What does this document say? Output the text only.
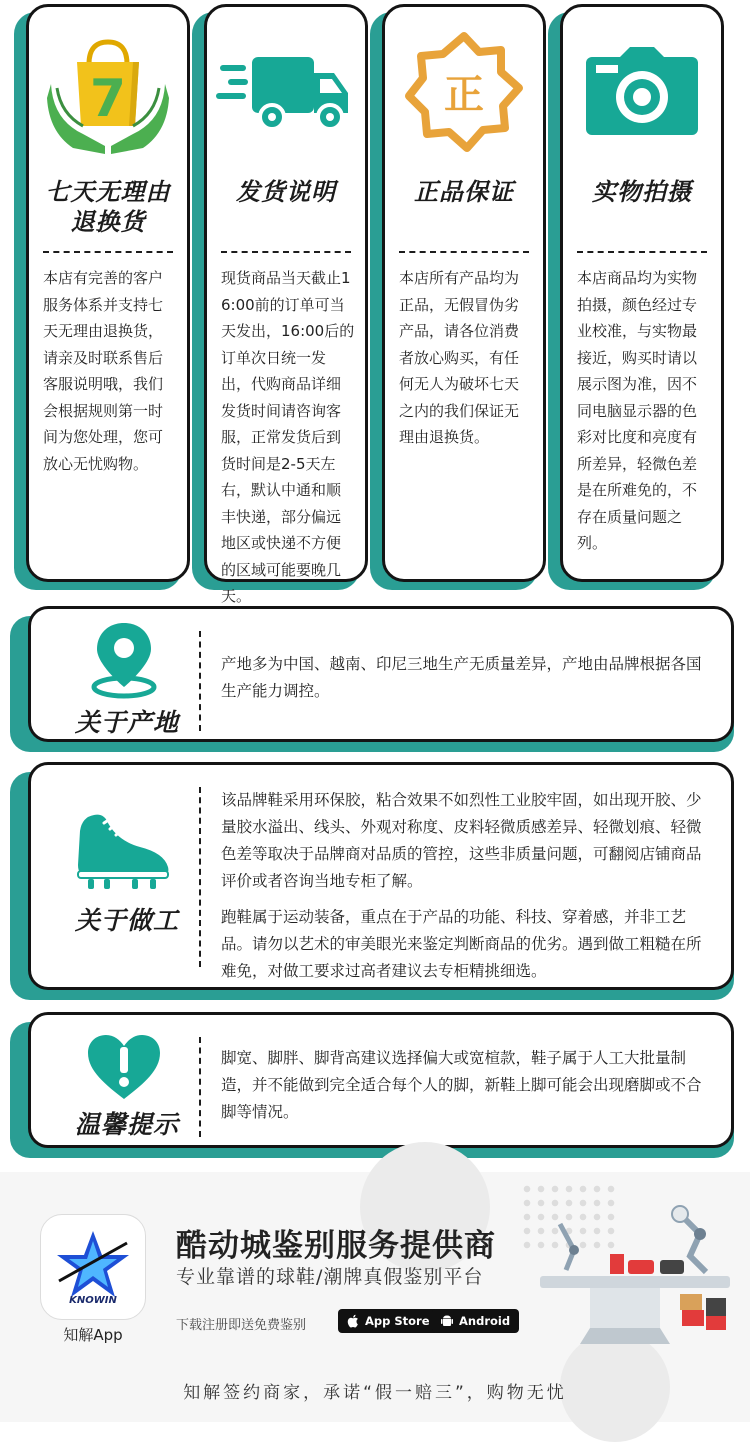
7
七天无理由退换货
本店有完善的客户服务体系并支持七天无理由退换货，请亲及时联系售后客服说明哦，我们会根据规则第一时间为您处理，您可放心无忧购物。
发货说明
现货商品当天截止16:00前的订单可当天发出，16:00后的订单次日统一发出，代购商品详细发货时间请咨询客服，正常发货后到货时间是2-5天左右，默认中通和顺丰快递，部分偏远地区或快递不方便的区域可能要晚几天。
正
正品保证
本店所有产品均为正品，无假冒伪劣产品，请各位消费者放心购买，有任何无人为破坏七天之内的我们保证无理由退换货。
实物拍摄
本店商品均为实物拍摄，颜色经过专业校准，与实物最接近，购买时请以展示图为准，因不同电脑显示器的色彩对比度和亮度有所差异，轻微色差是在所难免的，不存在质量问题之列。
关于产地

产地多为中国、越南、印尼三地生产无质量差异，产地由品牌根据各国生产能力调控。

关于做工

该品牌鞋采用环保胶，粘合效果不如烈性工业胶牢固，如出现开胶、少量胶水溢出、线头、外观对称度、皮料轻微质感差异、轻微划痕、轻微色差等取决于品牌商对品质的管控，这些非质量问题，可翻阅店铺商品评价或者咨询当地专柜了解。

跑鞋属于运动装备，重点在于产品的功能、科技、穿着感，并非工艺品。请勿以艺术的审美眼光来鉴定判断商品的优劣。遇到做工粗糙在所难免，对做工要求过高者建议去专柜精挑细选。

温馨提示

脚宽、脚胖、脚背高建议选择偏大或宽楦款，鞋子属于人工大批量制造，并不能做到完全适合每个人的脚，新鞋上脚可能会出现磨脚或不合脚等情况。

KNOWIN
知解App
酷动城鉴别服务提供商
专业靠谱的球鞋/潮牌真假鉴别平台
下载注册即送免费鉴别	App Store	Android
知解签约商家，承诺“假一赔三”，购物无忧
